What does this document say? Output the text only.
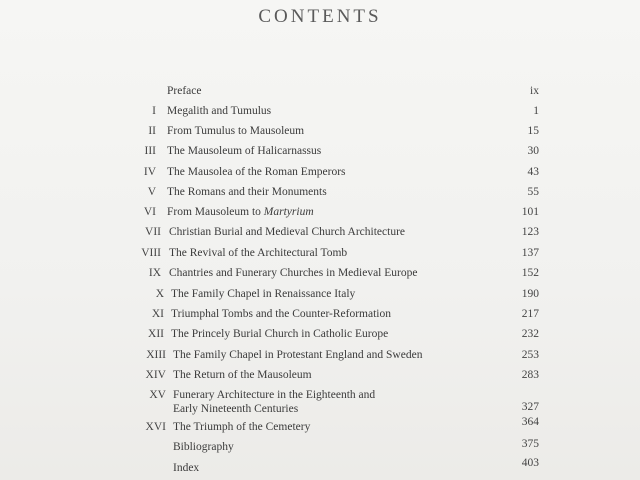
CONTENTS
Preface	ix
I Megalith and Tumulus	1
II From Tumulus to Mausoleum	15
III The Mausoleum of Halicarnassus	30
IV The Mausolea of the Roman Emperors	43
V The Romans and their Monuments	55
VI From Mausoleum to Martyrium	101
VII Christian Burial and Medieval Church Architecture	123
VIII The Revival of the Architectural Tomb	137
IX Chantries and Funerary Churches in Medieval Europe	152
X The Family Chapel in Renaissance Italy	190
XI Triumphal Tombs and the Counter-Reformation	217
XII The Princely Burial Church in Catholic Europe	232
XIII The Family Chapel in Protestant England and Sweden	253
XIV The Return of the Mausoleum	283
XV Funerary Architecture in the Eighteenth and
Early Nineteenth Centuries	327
XVI The Triumph of the Cemetery	364
Bibliography	375
Index	403
